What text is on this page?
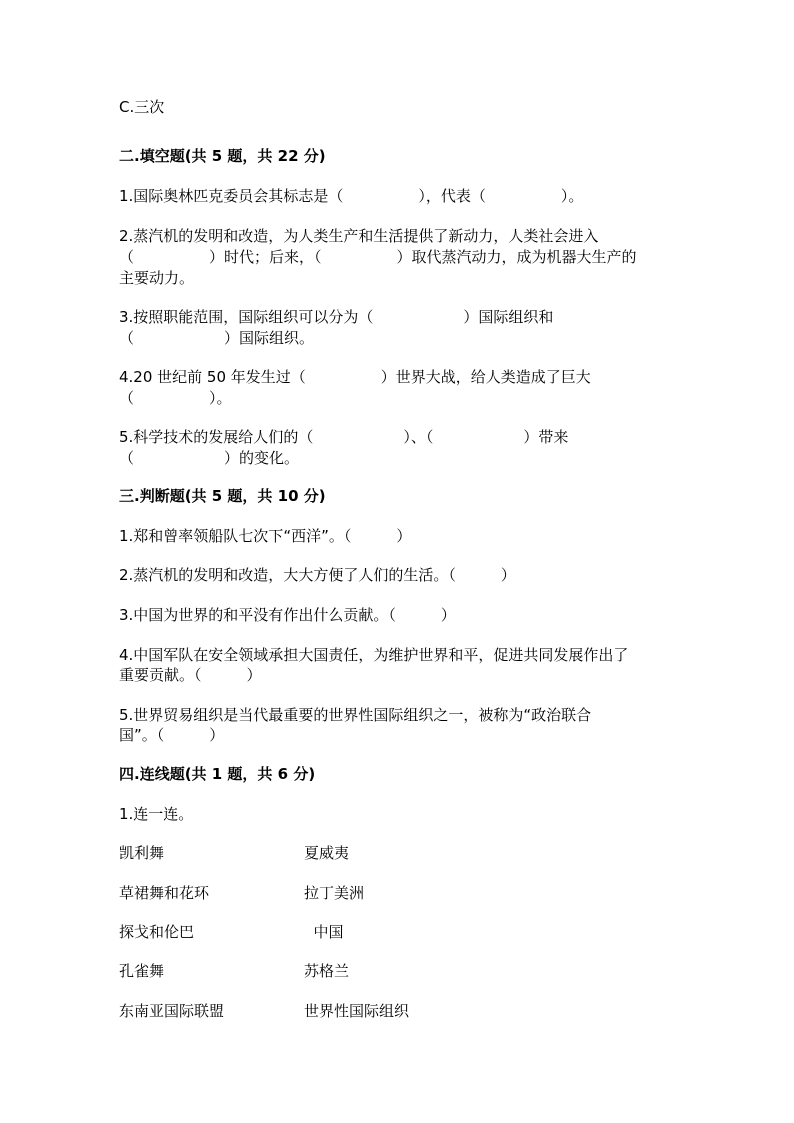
C.三次
二.填空题(共 5 题，共 22 分)
1.国际奥林匹克委员会其标志是（　　　　　），代表（　　　　　）。
2.蒸汽机的发明和改造，为人类生产和生活提供了新动力，人类社会进入
（　　　　　）时代；后来，（　　　　　）取代蒸汽动力，成为机器大生产的
主要动力。
3.按照职能范围，国际组织可以分为（　　　　　　）国际组织和
（　　　　　　）国际组织。
4.20 世纪前 50 年发生过（　　　　　）世界大战，给人类造成了巨大
（　　　　　）。
5.科学技术的发展给人们的（　　　　　　）、（　　　　　　）带来
（　　　　　　）的变化。
三.判断题(共 5 题，共 10 分)
1.郑和曾率领船队七次下“西洋”。（　　　）
2.蒸汽机的发明和改造，大大方便了人们的生活。（　　　）
3.中国为世界的和平没有作出什么贡献。（　　　）
4.中国军队在安全领域承担大国责任，为维护世界和平，促进共同发展作出了
重要贡献。（　　　）
5.世界贸易组织是当代最重要的世界性国际组织之一，被称为“政治联合
国”。（　　　）
四.连线题(共 1 题，共 6 分)
1.连一连。
凯利舞	夏威夷
草裙舞和花环	拉丁美洲
探戈和伦巴	中国
孔雀舞	苏格兰
东南亚国际联盟	世界性国际组织
